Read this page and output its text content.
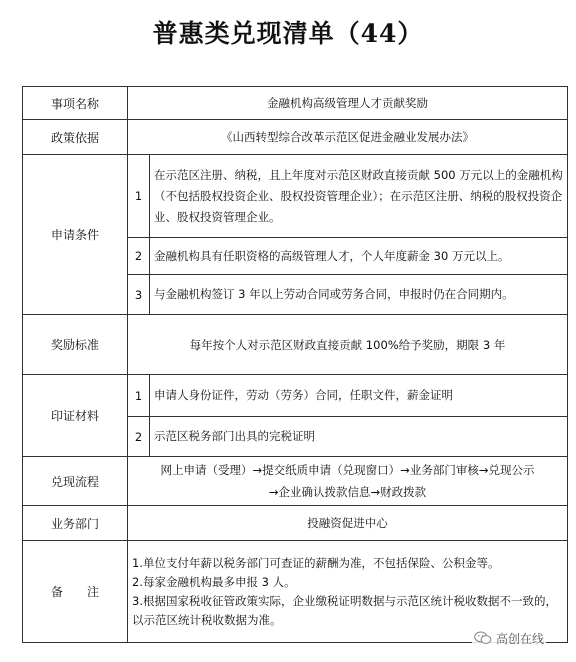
普惠类兑现清单（44）
事项名称	金融机构高级管理人才贡献奖励	
政策依据	《山西转型综合改革示范区促进金融业发展办法》	
申请条件	1	在示范区注册、纳税，且上年度对示范区财政直接贡献 500 万元以上的金融机构（不包括股权投资企业、股权投资管理企业）；在示范区注册、纳税的股权投资企业、股权投资管理企业。
	2	金融机构具有任职资格的高级管理人才，个人年度薪金 30 万元以上。
	3	与金融机构签订 3 年以上劳动合同或劳务合同，申报时仍在合同期内。
奖励标准	每年按个人对示范区财政直接贡献 100%给予奖励，期限 3 年	
印证材料	1	申请人身份证件，劳动（劳务）合同，任职文件，薪金证明
	2	示范区税务部门出具的完税证明
兑现流程	网上申请（受理）→提交纸质申请（兑现窗口）→业务部门审核→兑现公示
→企业确认拨款信息→财政拨款	

业务部门	投融资促进中心	
备注	1.单位支付年薪以税务部门可查证的薪酬为准，不包括保险、公积金等。
2.每家金融机构最多申报 3 人。
3.根据国家税收征管政策实际，企业缴税证明数据与示范区统计税收数据不一致的，以示范区统计税收数据为准。	
高创在线
